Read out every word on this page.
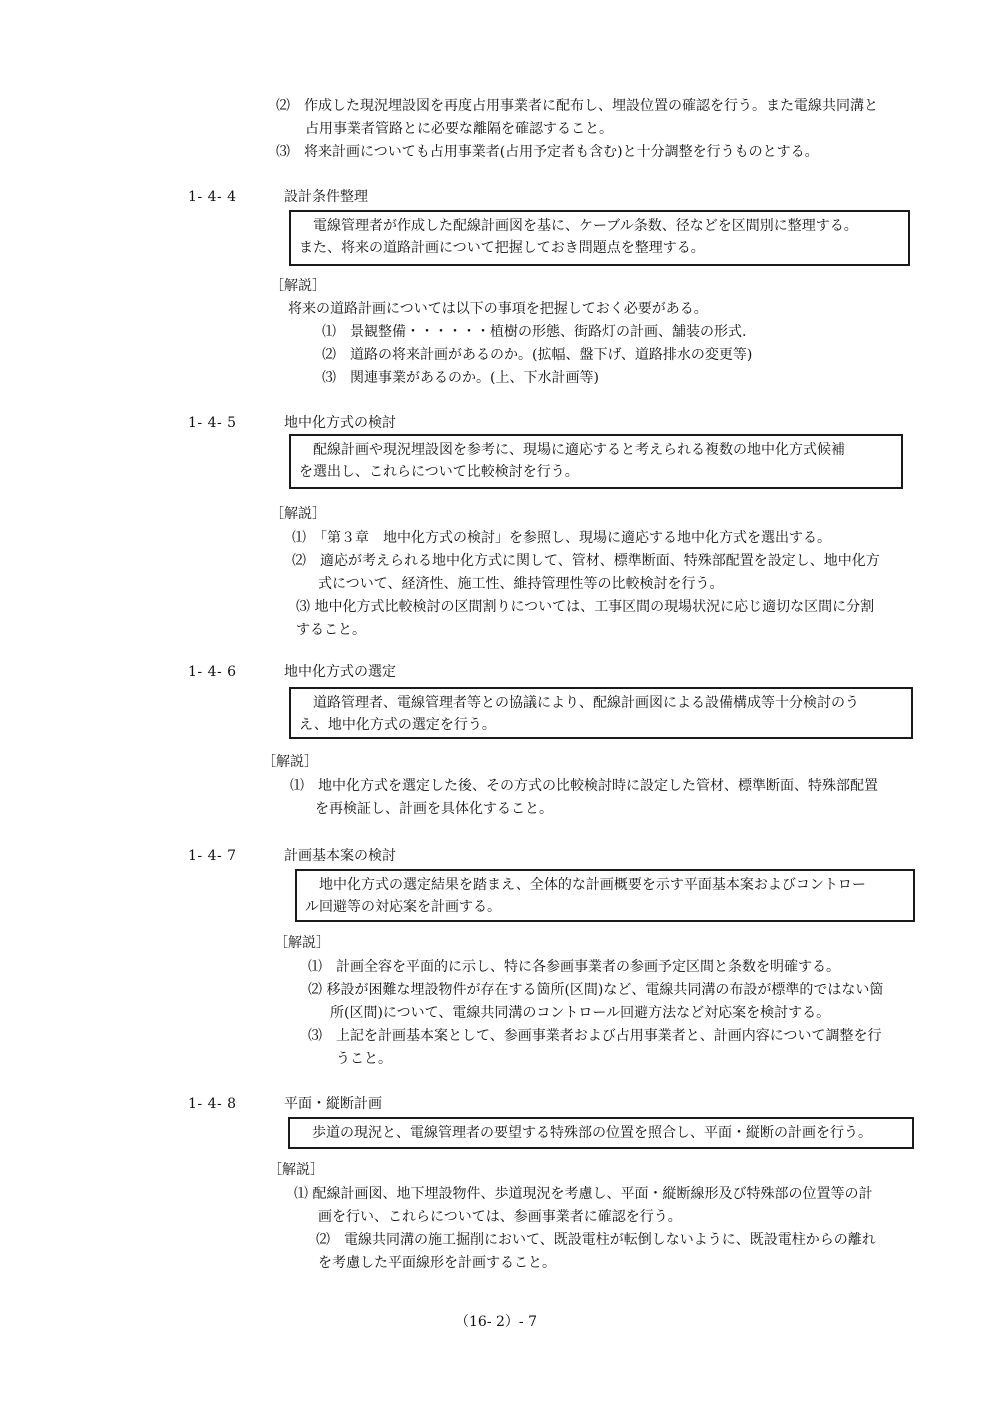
⑵　作成した現況埋設図を再度占用事業者に配布し、埋設位置の確認を行う。また電線共同溝と
占用事業者管路とに必要な離隔を確認すること。
⑶　将来計画についても占用事業者(占用予定者も含む)と十分調整を行うものとする。
1- 4- 4	設計条件整理
電線管理者が作成した配線計画図を基に、ケーブル条数、径などを区間別に整理する。
また、将来の道路計画について把握しておき問題点を整理する。
［解説］
将来の道路計画については以下の事項を把握しておく必要がある。
⑴　景観整備・・・・・・植樹の形態、街路灯の計画、舗装の形式.
⑵　道路の将来計画があるのか。(拡幅、盤下げ、道路排水の変更等)
⑶　関連事業があるのか。(上、下水計画等)
1- 4- 5	地中化方式の検討
配線計画や現況埋設図を参考に、現場に適応すると考えられる複数の地中化方式候補
を選出し、これらについて比較検討を行う。
［解説］
⑴　「第３章　地中化方式の検討」を参照し、現場に適応する地中化方式を選出する。
⑵　適応が考えられる地中化方式に関して、管材、標準断面、特殊部配置を設定し、地中化方
式について、経済性、施工性、維持管理性等の比較検討を行う。
⑶ 地中化方式比較検討の区間割りについては、工事区間の現場状況に応じ適切な区間に分割
すること。
1- 4- 6	地中化方式の選定
道路管理者、電線管理者等との協議により、配線計画図による設備構成等十分検討のう
え、地中化方式の選定を行う。
［解説］
⑴　地中化方式を選定した後、その方式の比較検討時に設定した管材、標準断面、特殊部配置
を再検証し、計画を具体化すること。
1- 4- 7	計画基本案の検討
地中化方式の選定結果を踏まえ、全体的な計画概要を示す平面基本案およびコントロー
ル回避等の対応案を計画する。
［解説］
⑴　計画全容を平面的に示し、特に各参画事業者の参画予定区間と条数を明確する。
⑵ 移設が困難な埋設物件が存在する箇所(区間)など、電線共同溝の布設が標準的ではない箇
所(区間)について、電線共同溝のコントロール回避方法など対応案を検討する。
⑶　上記を計画基本案として、参画事業者および占用事業者と、計画内容について調整を行
うこと。
1- 4- 8	平面・縦断計画
歩道の現況と、電線管理者の要望する特殊部の位置を照合し、平面・縦断の計画を行う。
［解説］
⑴ 配線計画図、地下埋設物件、歩道現況を考慮し、平面・縦断線形及び特殊部の位置等の計
画を行い、これらについては、参画事業者に確認を行う。
⑵　電線共同溝の施工掘削において、既設電柱が転倒しないように、既設電柱からの離れ
を考慮した平面線形を計画すること。
（16- 2）- 7
